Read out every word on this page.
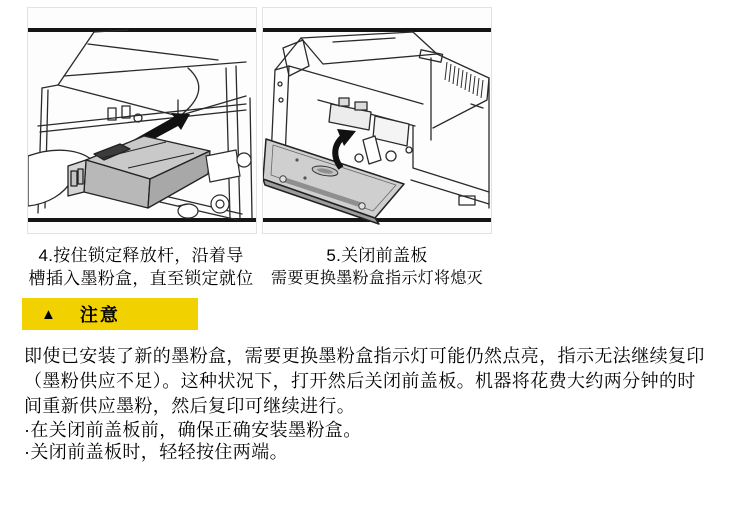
4.按住锁定释放杆，沿着导
槽插入墨粉盒，直至锁定就位
5.关闭前盖板
需要更换墨粉盒指示灯将熄灭
▲ 注意
即使已安装了新的墨粉盒，需要更换墨粉盒指示灯可能仍然点亮，指示无法继续复印
（墨粉供应不足）。这种状况下，打开然后关闭前盖板。机器将花费大约两分钟的时
间重新供应墨粉，然后复印可继续进行。
·在关闭前盖板前，确保正确安装墨粉盒。
·关闭前盖板时，轻轻按住两端。
